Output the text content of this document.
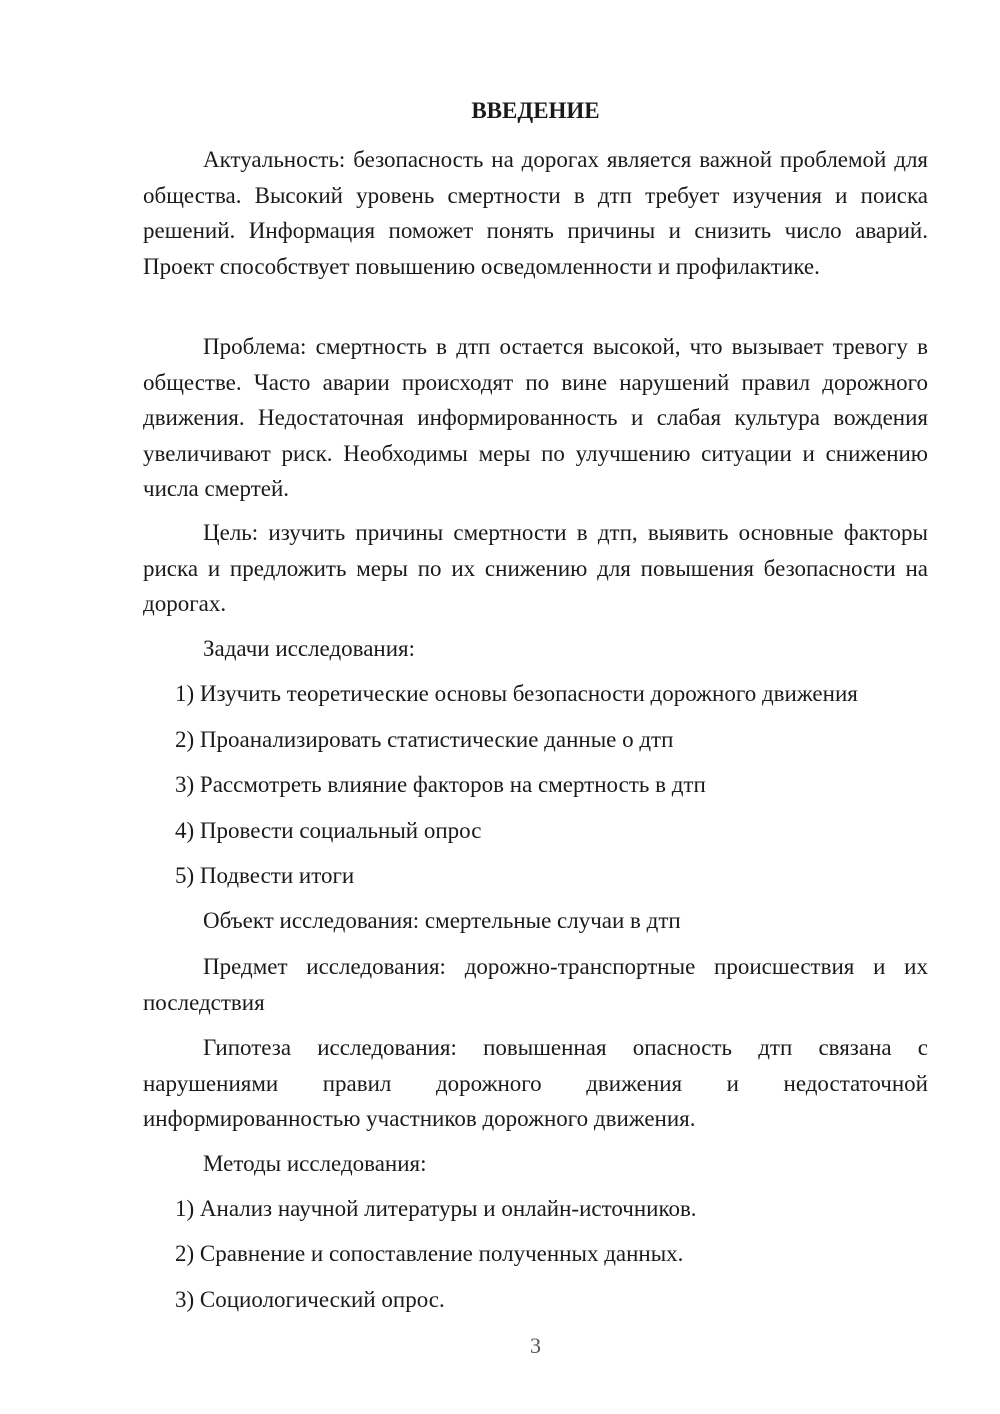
ВВЕДЕНИЕ

Актуальность: безопасность на дорогах является важной проблемой для общества. Высокий уровень смертности в дтп требует изучения и поиска решений. Информация поможет понять причины и снизить число аварий. Проект способствует повышению осведомленности и профилактике.

Проблема: смертность в дтп остается высокой, что вызывает тревогу в обществе. Часто аварии происходят по вине нарушений правил дорожного движения. Недостаточная информированность и слабая культура вождения увеличивают риск. Необходимы меры по улучшению ситуации и снижению числа смертей.

Цель: изучить причины смертности в дтп, выявить основные факторы риска и предложить меры по их снижению для повышения безопасности на дорогах.

Задачи исследования:

1) Изучить теоретические основы безопасности дорожного движения

2) Проанализировать статистические данные о дтп

3) Рассмотреть влияние факторов на смертность в дтп

4) Провести социальный опрос

5) Подвести итоги

Объект исследования: смертельные случаи в дтп

Предмет исследования: дорожно-транспортные происшествия и их последствия

Гипотеза исследования: повышенная опасность дтп связана с нарушениями правил дорожного движения и недостаточной информированностью участников дорожного движения.

Методы исследования:

1) Анализ научной литературы и онлайн-источников.

2) Сравнение и сопоставление полученных данных.

3) Социологический опрос.

3
